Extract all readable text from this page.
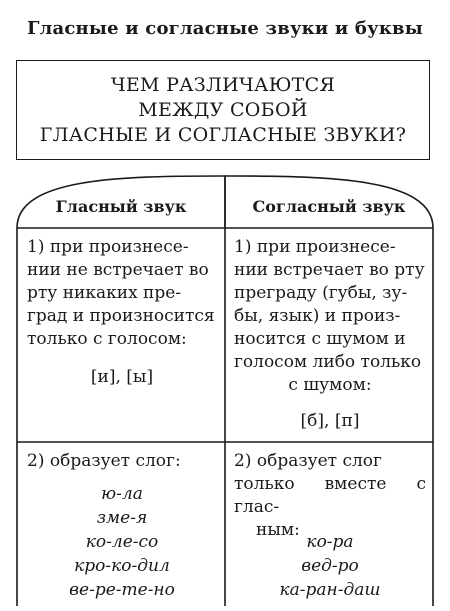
Гласные и согласные звуки и буквы
ЧЕМ РАЗЛИЧАЮТСЯ
МЕЖДУ СОБОЙ
ГЛАСНЫЕ И СОГЛАСНЫЕ ЗВУКИ?
Гласный звук	Согласный звук

1) при произнесе-

нии не встречает во

рту никаких пре-

град и произносится

только с голосом:

[и], [ы]

1) при произнесе-

нии встречает во рту

преграду (губы, зу-

бы, язык) и произ-

носится с шумом и

голосом либо только

с шумом:

[б], [п]

2) образует слог:

ю-ла

зме-я

ко-ле-со

кро-ко-дил

ве-ре-те-но

2) образует слог

только вместе с глас-

ным:

ко-ра

вед-ро

ка-ран-даш
